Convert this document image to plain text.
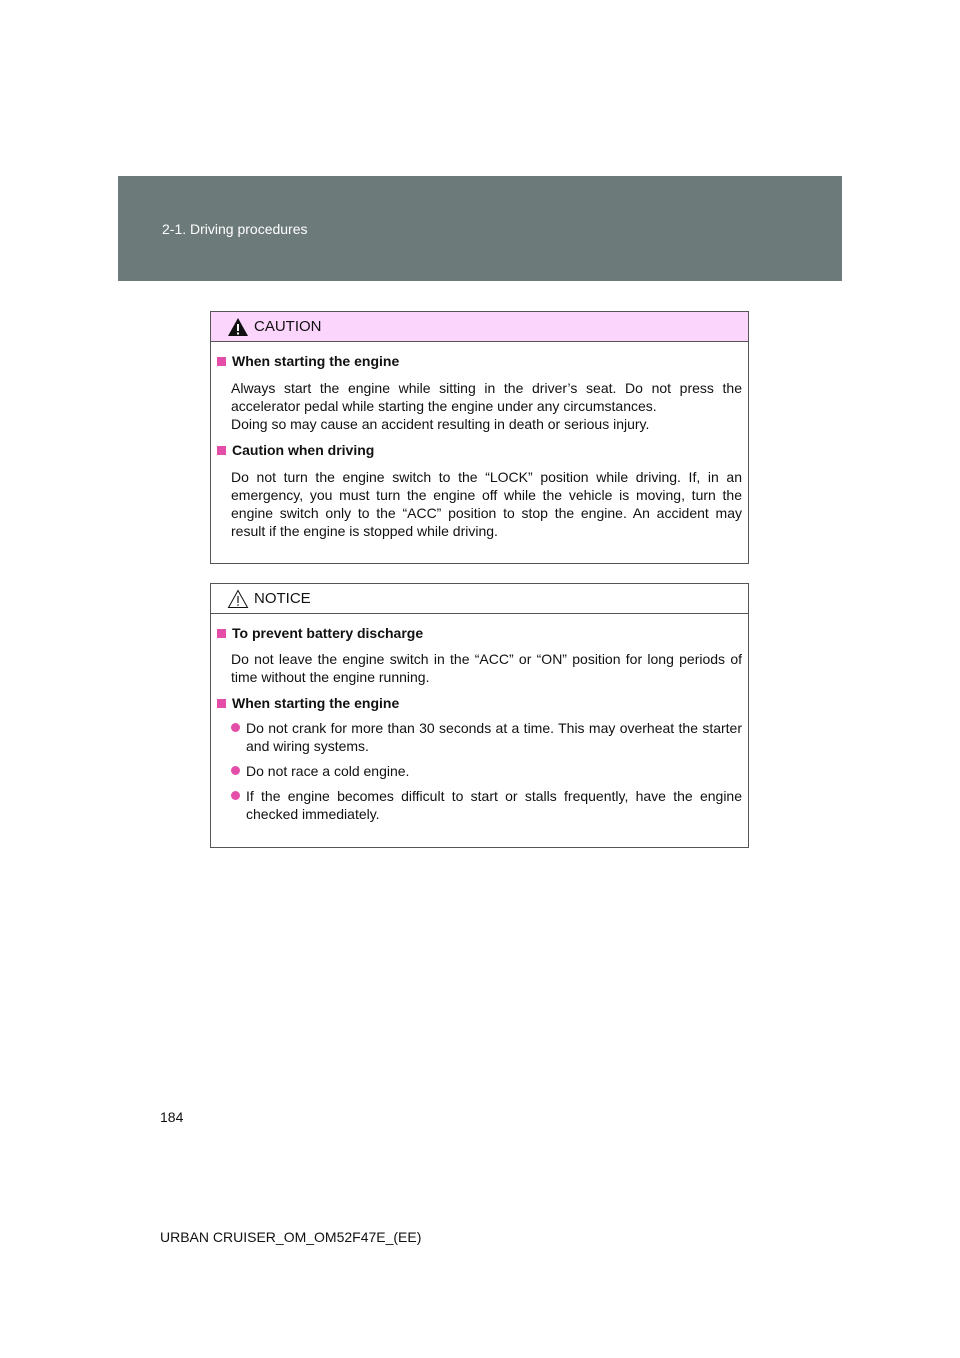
2-1. Driving procedures
CAUTION
When starting the engine

Always start the engine while sitting in the driver’s seat. Do not press the accelerator pedal while starting the engine under any circumstances.

Doing so may cause an accident resulting in death or serious injury.

Caution when driving

Do not turn the engine switch to the “LOCK” position while driving. If, in an emergency, you must turn the engine off while the vehicle is moving, turn the engine switch only to the “ACC” position to stop the engine. An accident may result if the engine is stopped while driving.

NOTICE
To prevent battery discharge

Do not leave the engine switch in the “ACC” or “ON” position for long periods of time without the engine running.

When starting the engine
Do not crank for more than 30 seconds at a time. This may overheat the starter and wiring systems.
Do not race a cold engine.
If the engine becomes difficult to start or stalls frequently, have the engine checked immediately.
184
URBAN CRUISER_OM_OM52F47E_(EE)
